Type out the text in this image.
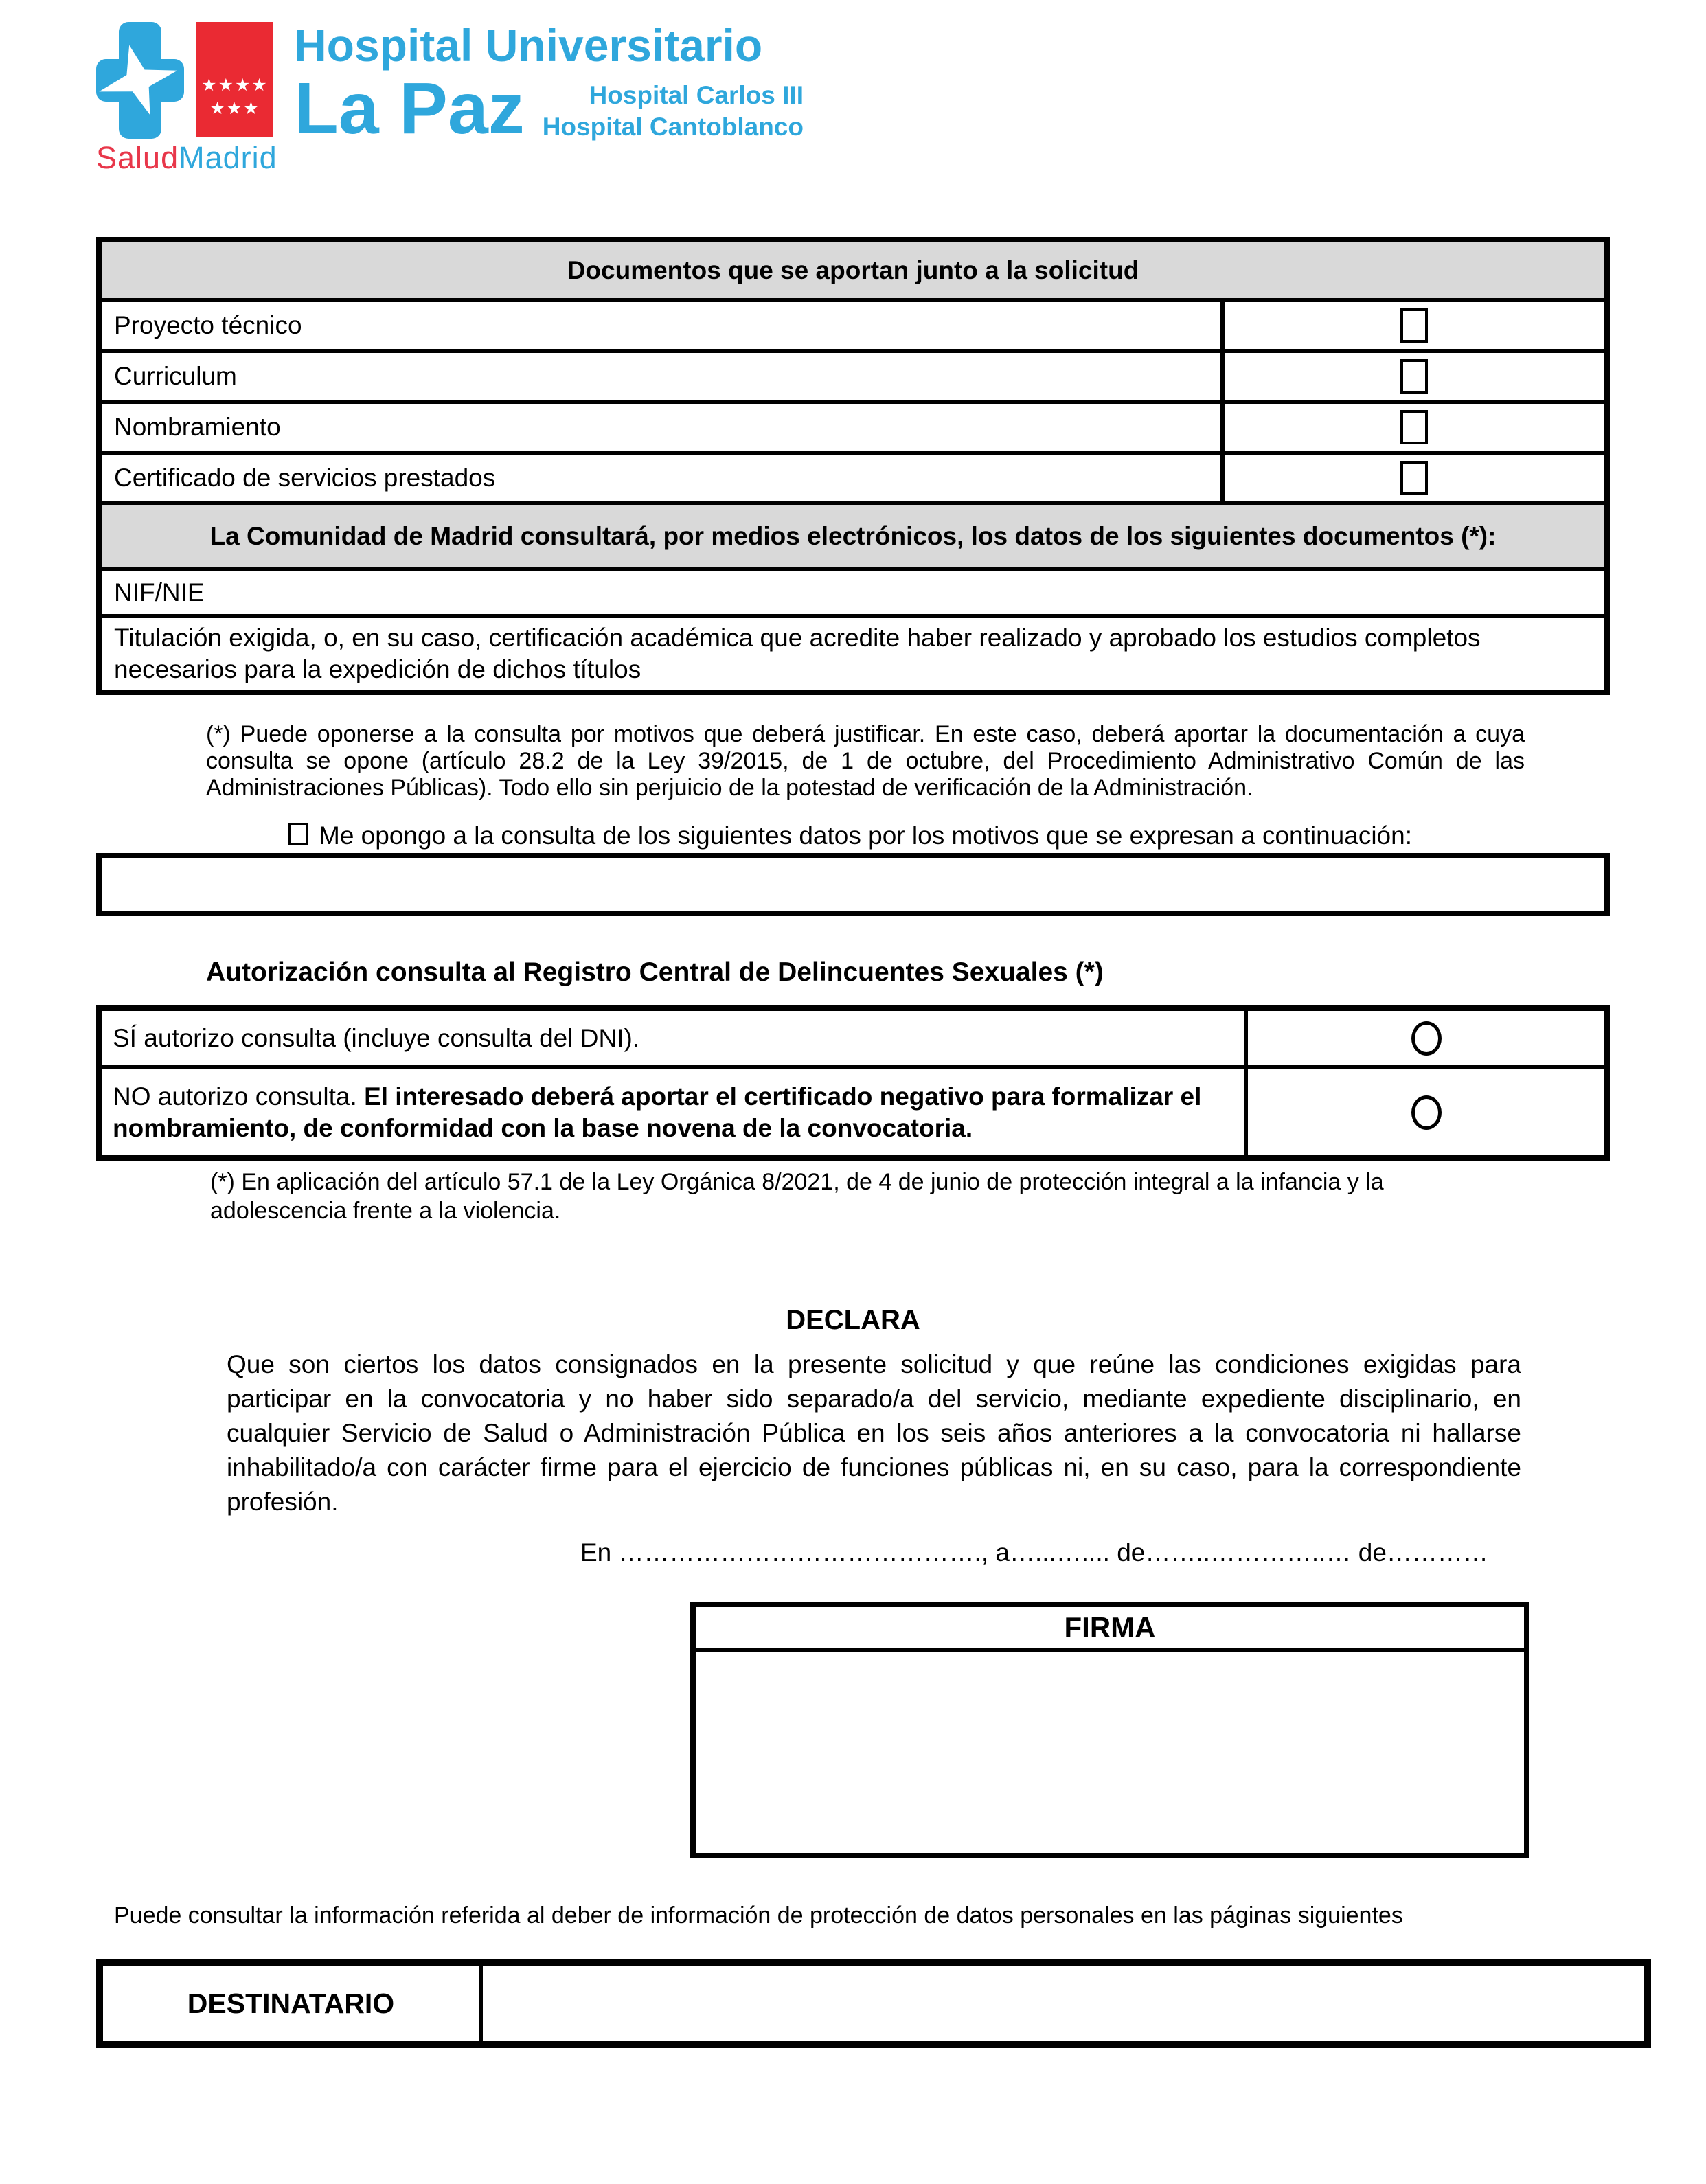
★★★★
★★★
SaludMadrid
Hospital Universitario
La Paz	Hospital Carlos III
Hospital Cantoblanco
Documentos que se aportan junto a la solicitud	
Proyecto técnico	
Curriculum	
Nombramiento	
Certificado de servicios prestados	
La Comunidad de Madrid consultará, por medios electrónicos, los datos de los siguientes documentos (*):	
NIF/NIE	
Titulación exigida, o, en su caso, certificación académica que acredite haber realizado y aprobado los estudios completos necesarios para la expedición de dichos títulos	
(*) Puede oponerse a la consulta por motivos que deberá justificar. En este caso, deberá aportar la documentación a cuya consulta se opone (artículo 28.2 de la Ley 39/2015, de 1 de octubre, del Procedimiento Administrativo Común de las Administraciones Públicas). Todo ello sin perjuicio de la potestad de verificación de la Administración.
Me opongo a la consulta de los siguientes datos por los motivos que se expresan a continuación:
Autorización consulta al Registro Central de Delincuentes Sexuales (*)
SÍ autorizo consulta (incluye consulta del DNI).	
NO autorizo consulta. El interesado deberá aportar el certificado negativo para formalizar el nombramiento, de conformidad con la base novena de la convocatoria.	
(*) En aplicación del artículo 57.1 de la Ley Orgánica 8/2021, de 4 de junio de protección integral a la infancia y la adolescencia frente a la violencia.
DECLARA
Que son ciertos los datos consignados en la presente solicitud y que reúne las condiciones exigidas para participar en la convocatoria y no haber sido separado/a del servicio, mediante expediente disciplinario, en cualquier Servicio de Salud o Administración Pública en los seis años anteriores a la convocatoria ni hallarse inhabilitado/a con carácter firme para el ejercicio de funciones públicas ni, en su caso, para la correspondiente profesión.
En ……………………………………., a…...….... de……..…………..… de…………
FIRMA
Puede consultar la información referida al deber de información de protección de datos personales en las páginas siguientes
DESTINATARIO	
